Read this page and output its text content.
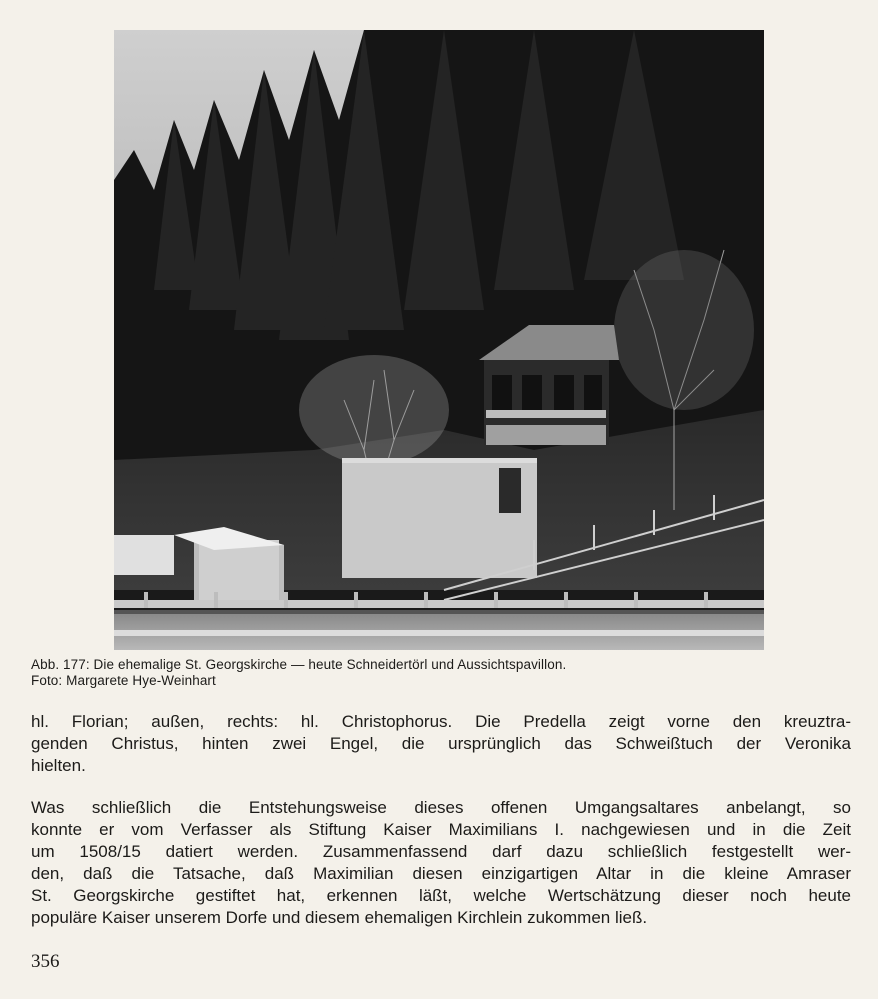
Abb. 177: Die ehemalige St. Georgskirche — heute Schneidertörl und Aussichtspavillon.
Foto: Margarete Hye-Weinhart
hl. Florian; außen, rechts: hl. Christophorus. Die Predella zeigt vorne den kreuztra-
genden Christus, hinten zwei Engel, die ursprünglich das Schweißtuch der Veronika
hielten.
Was schließlich die Entstehungsweise dieses offenen Umgangsaltares anbelangt, so
konnte er vom Verfasser als Stiftung Kaiser Maximilians I. nachgewiesen und in die Zeit
um 1508/15 datiert werden. Zusammenfassend darf dazu schließlich festgestellt wer-
den, daß die Tatsache, daß Maximilian diesen einzigartigen Altar in die kleine Amraser
St. Georgskirche gestiftet hat, erkennen läßt, welche Wertschätzung dieser noch heute
populäre Kaiser unserem Dorfe und diesem ehemaligen Kirchlein zukommen ließ.
356
